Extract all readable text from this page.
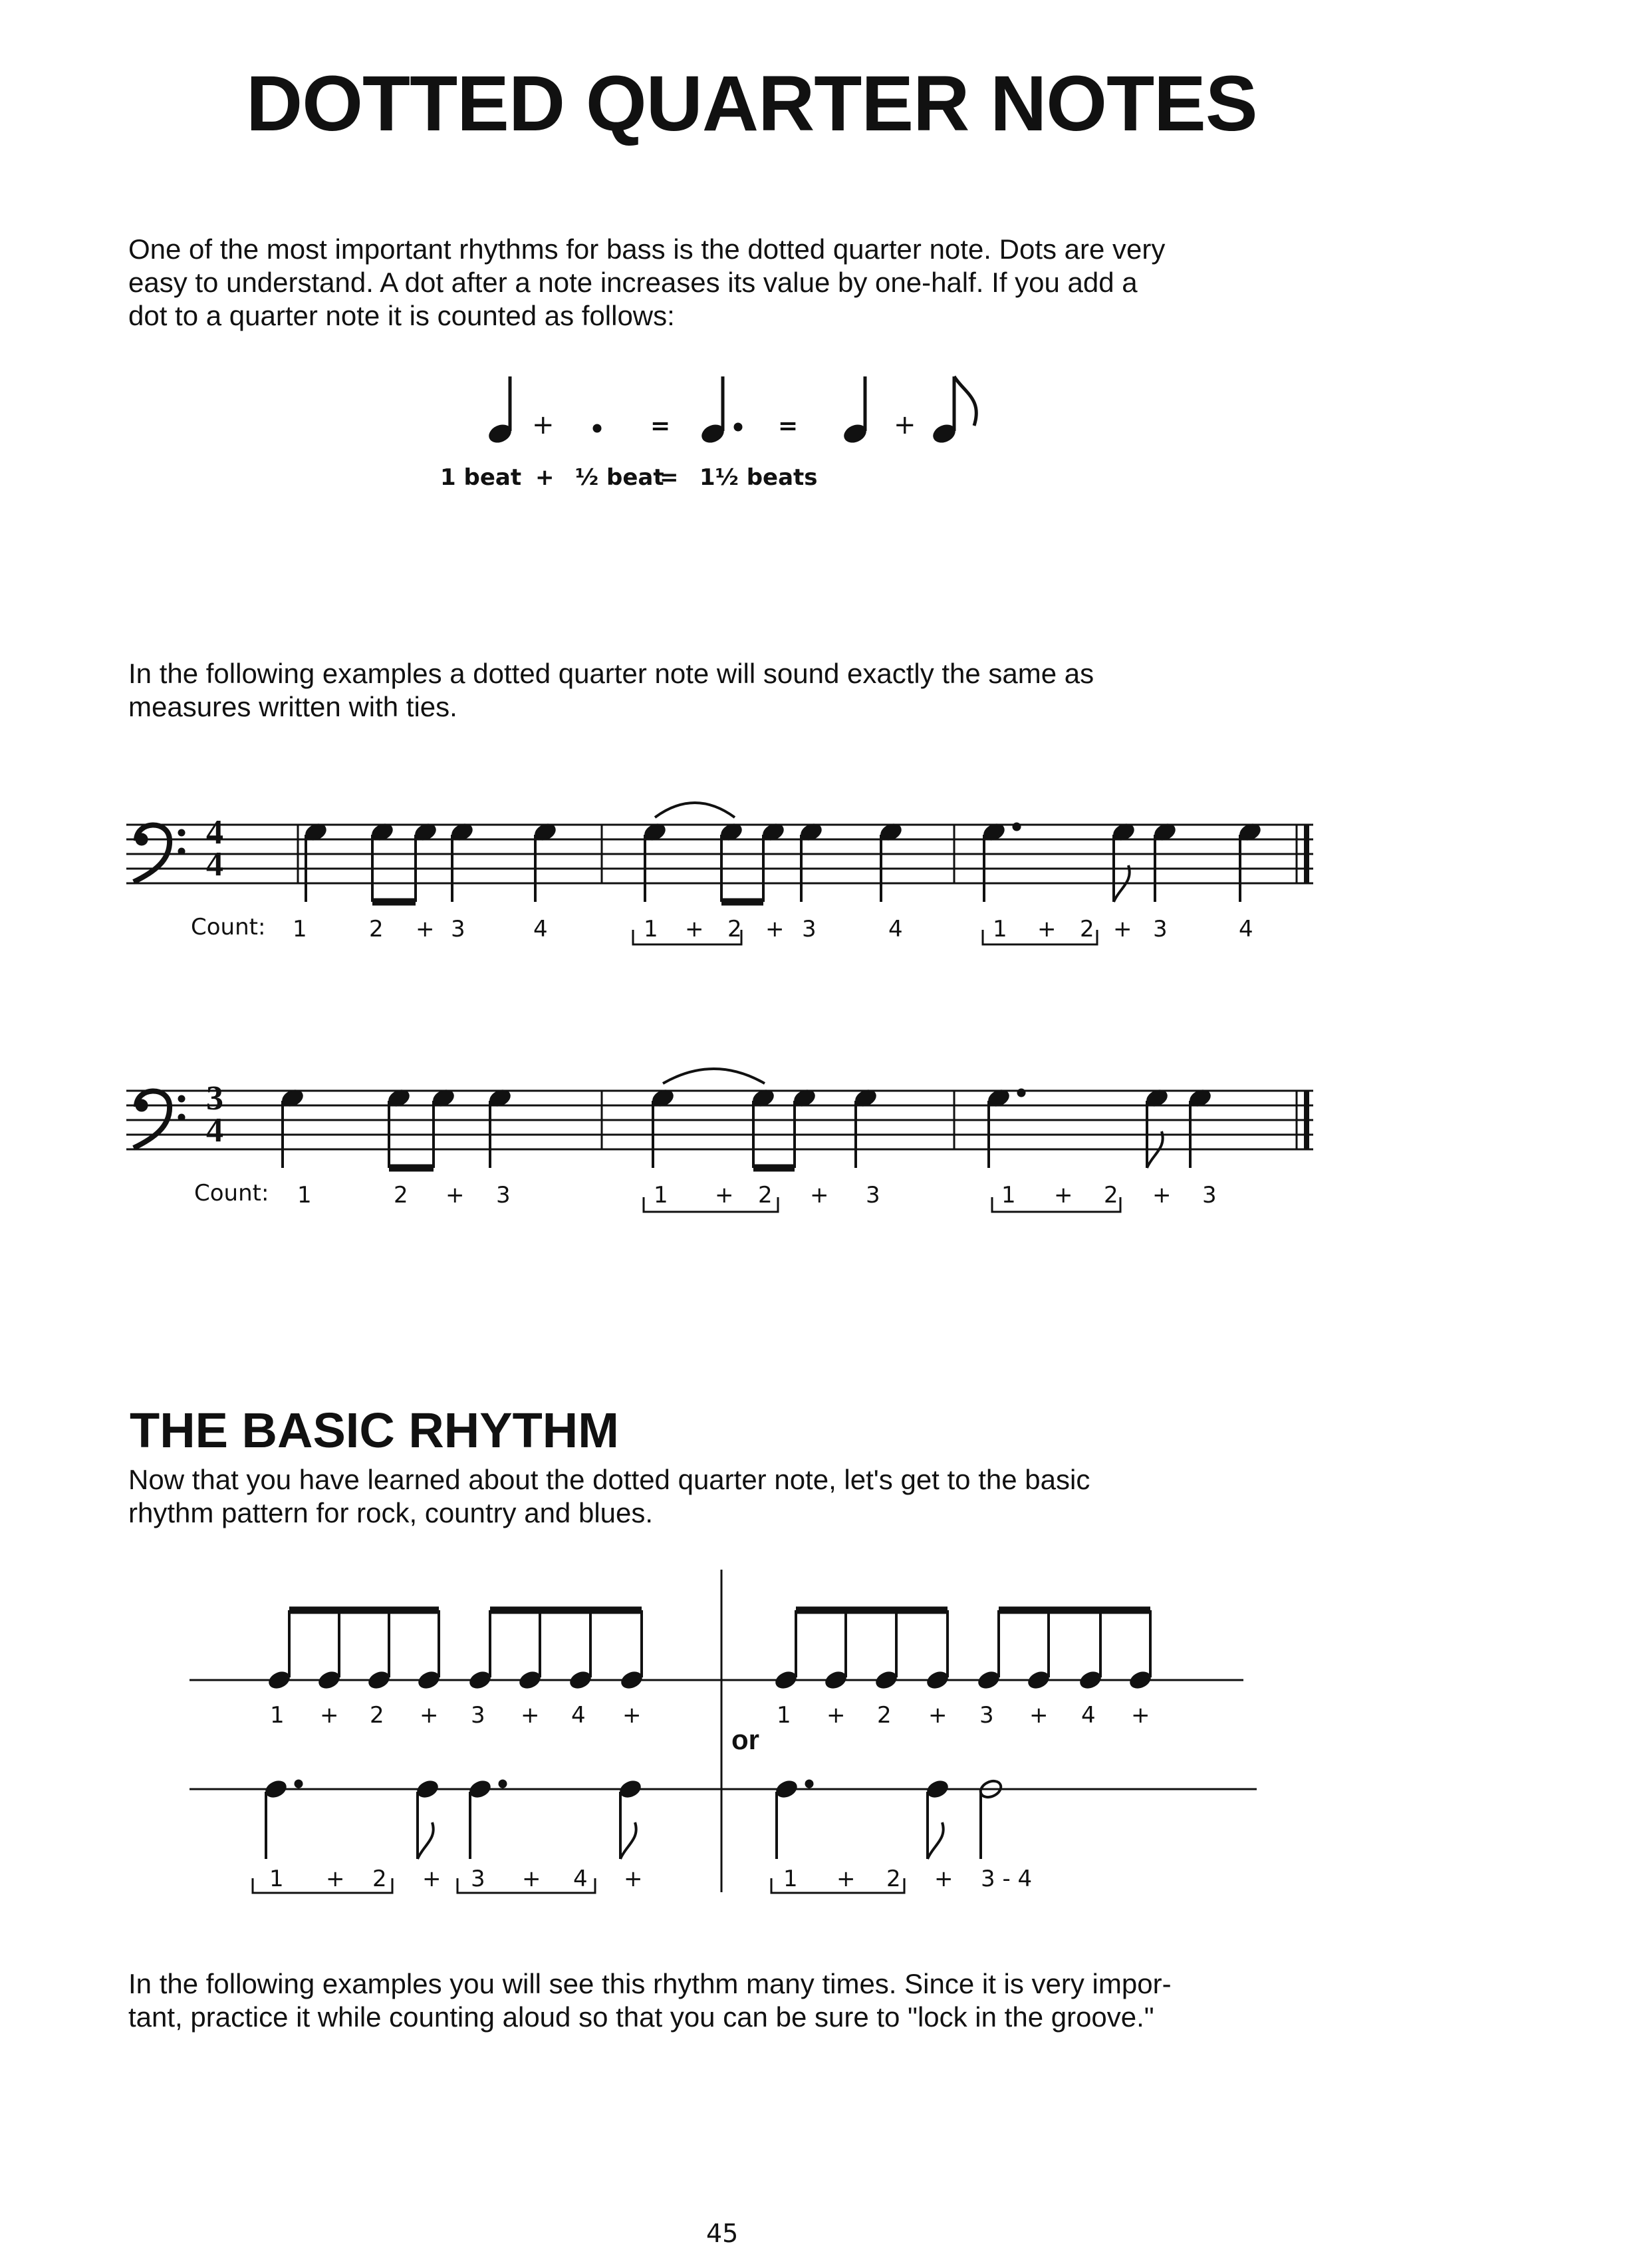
DOTTED QUARTER NOTES
One of the most important rhythms for bass is the dotted quarter note. Dots are very
easy to understand. A dot after a note increases its value by one-half. If you add a
dot to a quarter note it is counted as follows:
+	=	=	+
1 beat + ½ beat
= 1½ beats
In the following examples a dotted quarter note will sound exactly the same as
measures written with ties.
4
4
1	2 + 3	4	1 + 2 + 3	4	1 + 2 + 3	4
3
4
1	2 + 3	1 + 2 + 3	1 + 2 + 3
1 + 2 + 3 + 4 +	1 + 2 + 3 + 4 +
1 + 2 + 3 + 4 +	1 + 2 + 3 - 4
Count:
Count:
THE BASIC RHYTHM
Now that you have learned about the dotted quarter note, let's get to the basic
rhythm pattern for rock, country and blues.
or
In the following examples you will see this rhythm many times. Since it is very impor-
tant, practice it while counting aloud so that you can be sure to "lock in the groove."
45
